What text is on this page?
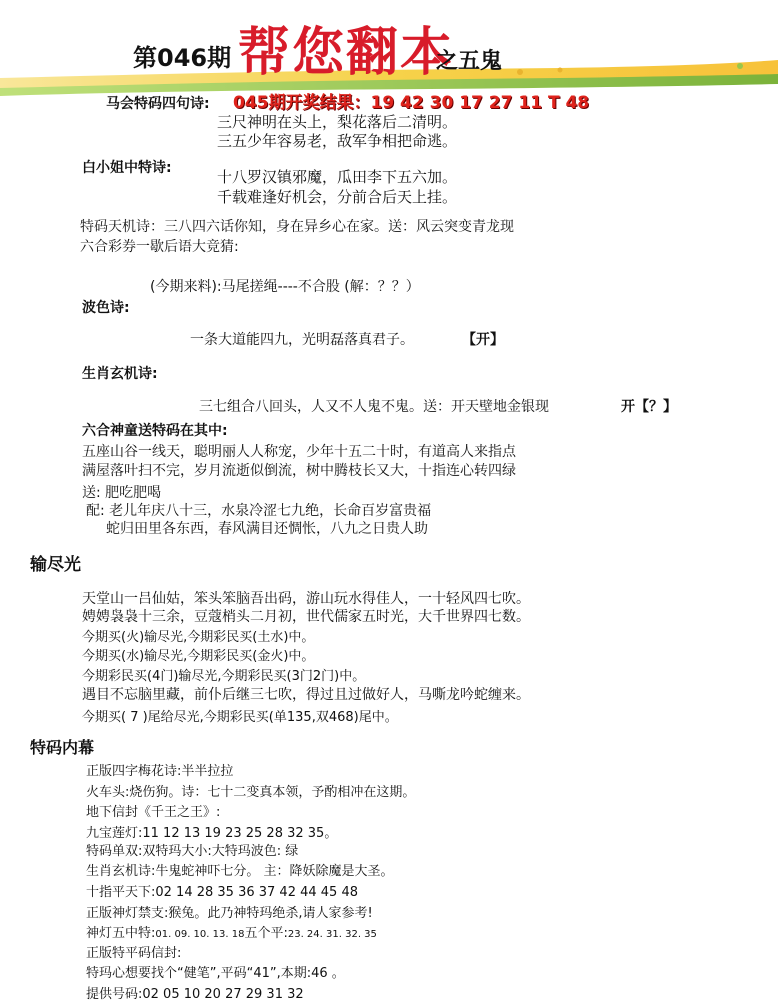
第046期 帮您翻本
之五鬼
马会特码四句诗: 045期开奖结果：19 42 30 17 27 11 T 48
三尺神明在头上，梨花落后二清明。
三五少年容易老，敌军争相把命逃。
白小姐中特诗:	十八罗汉镇邪魔，瓜田李下五六加。
千载难逢好机会，分前合后天上挂。
特码天机诗：三八四六话你知，身在异乡心在家。送：风云突变青龙现
六合彩券一歇后语大竞猜:
(今期来料):马尾搓绳----不合股 (解：？？）
波色诗:
一条大道能四九，光明磊落真君子。	【开】
生肖玄机诗:
三七组合八回头，人又不人鬼不鬼。送：开天壁地金银现	开【？】
六合神童送特码在其中:
五座山谷一线天，聪明丽人人称宠，少年十五二十时，有道高人来指点
满屋落叶扫不完，岁月流逝似倒流，树中腾枝长又大，十指连心转四绿
送: 肥吃肥喝
配: 老儿年庆八十三，水泉冷涩七九绝，长命百岁富贵福
蛇归田里各东西，春风满目还惆怅，八九之日贵人助
输尽光
天堂山一吕仙姑，笨头笨脑吾出码，游山玩水得佳人，一十轻风四七吹。
娉娉袅袅十三余，豆蔻梢头二月初，世代儒家五时光，大千世界四七数。
今期买(火)输尽光,今期彩民买(土水)中。
今期买(水)输尽光,今期彩民买(金火)中。
今期彩民买(4门)输尽光,今期彩民买(3门2门)中。
遇目不忘脑里藏，前仆后继三七吹，得过且过做好人，马嘶龙吟蛇缠来。
今期买( 7 )尾给尽光,今期彩民买(单135,双468)尾中。
特码内幕
正版四字梅花诗:半半拉拉
火车头:烧伤狗。诗：七十二变真本领，予酌相冲在这期。
地下信封《千王之王》:
九宝莲灯:11 12 13 19 23 25 28 32 35。
特码单双:双特玛大小:大特玛波色: 绿
生肖玄机诗:牛鬼蛇神吓七分。 主：降妖除魔是大圣。
十指平天下:02 14 28 35 36 37 42 44 45 48
正版神灯禁支:猴兔。此乃神特玛绝杀,请人家参考!
神灯五中特:01. 09. 10. 13. 18五个平:23. 24. 31. 32. 35
正版特平码信封:
特玛心想要找个“健笔”,平码“41”,本期:46 。
提供号码:02 05 10 20 27 29 31 32
